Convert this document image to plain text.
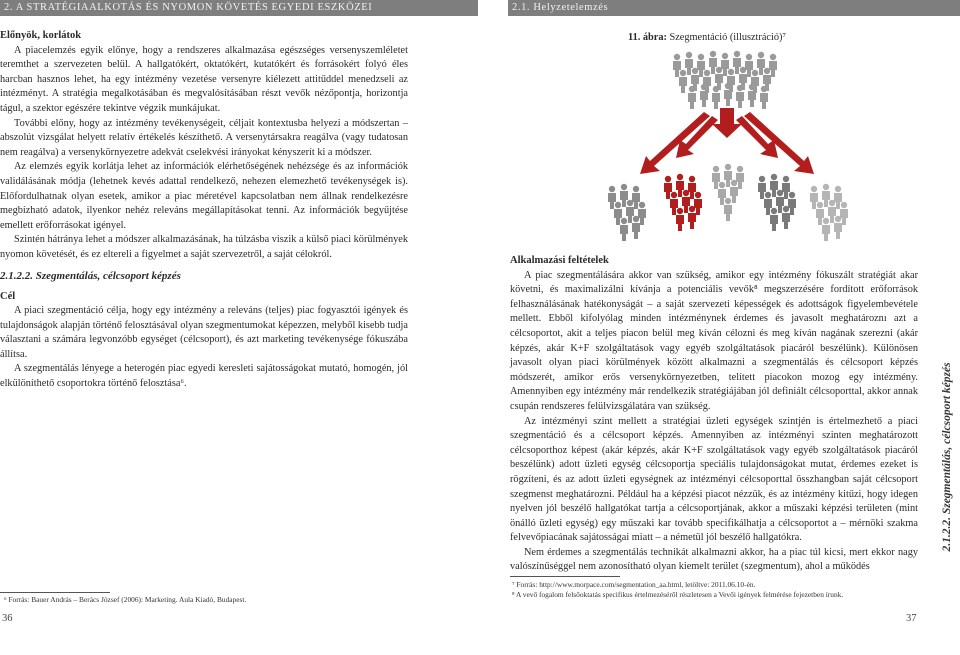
2. A STRATÉGIAALKOTÁS ÉS NYOMON KÖVETÉS EGYEDI ESZKÖZEI	2.1. Helyzetelemzés
Előnyök, korlátok

A piacelemzés egyik előnye, hogy a rendszeres alkalmazása egészséges versenyszemléletet teremthet a szervezeten belül. A hallgatókért, oktatókért, kutatókért és forrásokért folyó éles harcban hasznos lehet, ha egy intézmény vezetése versenyre kiélezett attitűddel menedzseli az intézményt. A stratégia megalkotásában és megvalósításában részt vevők nézőpontja, horizontja tágul, a szektor egészére tekintve végzik munkájukat.

További előny, hogy az intézmény tevékenységeit, céljait kontextusba helyezi a módszertan – abszolút vizsgálat helyett relatív értékelés készíthető. A versenytársakra reagálva (vagy tudatosan nem reagálva) a versenykörnyezetre adekvát cselekvési irányokat kényszerít ki a módszer.

Az elemzés egyik korlátja lehet az információk elérhetőségének nehézsége és az információk validálásának módja (lehetnek kevés adattal rendelkező, nehezen elemezhető tevékenységek is). Előfordulhatnak olyan esetek, amikor a piac méretével kapcsolatban nem állnak rendelkezésre megbízható adatok, ilyenkor nehéz releváns megállapításokat tenni. Az információk begyűjtése emellett erőforrásokat igényel.

Szintén hátránya lehet a módszer alkalmazásának, ha túlzásba viszik a külső piaci körülmények nyomon követését, és ez eltereli a figyelmet a saját szervezetről, a saját célokról.

2.1.2.2. Szegmentálás, célcsoport képzés
Cél

A piaci szegmentáció célja, hogy egy intézmény a releváns (teljes) piac fogyasztói igények és tulajdonságok alapján történő felosztásával olyan szegmentumokat képezzen, melyből kisebb tudja választani a számára legvonzóbb egységet (célcsoport), és azt marketing tevékenysége fókuszába állítsa.

A szegmentálás lényege a heterogén piac egyedi keresleti sajátosságokat mutató, homogén, jól elkülöníthető csoportokra történő felosztása⁶.

⁶ Forrás: Bauer András – Berács József (2006): Marketing. Aula Kiadó, Budapest.
36
11. ábra: Szegmentáció (illusztráció)⁷
Alkalmazási feltételek

A piac szegmentálására akkor van szükség, amikor egy intézmény fókuszált stratégiát akar követni, és maximalizálni kívánja a potenciális vevők⁸ megszerzésére fordított erőforrások felhasználásának hatékonyságát – a saját szervezeti képességek és adottságok figyelembevétele mellett. Ebből kifolyólag minden intézménynek érdemes és javasolt meghatároznı azt a célcsoportot, akit a teljes piacon belül meg kíván célozni és meg kíván nagának szerezni (akár képzés, akár K+F szolgáltatások vagy egyéb szolgáltatások piacáról beszélünk). Különösen javasolt olyan piaci körülmények között alkalmazni a szegmentálás és célcsoport képzés módszerét, amikor erős versenykörnyezetben, telített piacokon mozog egy intézmény. Amennyiben egy intézmény már rendelkezik stratégiájában jól definiált célcsoporttal, akkor annak csupán rendszeres felülvizsgálatára van szükség.

Az intézményi szint mellett a stratégiai üzleti egységek szintjén is értelmezhető a piaci szegmentáció és a célcsoport képzés. Amennyiben az intézményi szinten meghatározott célcsoporthoz képest (akár képzés, akár K+F szolgáltatások vagy egyéb szolgáltatások piacáról beszélünk) adott üzleti egység célcsoportja speciális tulajdonságokat mutat, érdemes ezeket is rögzíteni, és az adott üzleti egységnek az intézményi célcsoporttal összhangban saját célcsoport szegmenst meghatározni. Például ha a képzési piacot nézzük, és az intézmény kitűzi, hogy idegen nyelven jól beszélő hallgatókat tartja a célcsoportjának, akkor a műszaki képzési területen (mint önálló üzleti egység) egy műszaki kar tovább specifikálhatja a célcsoportot a – mérnöki szakma felvevőpiacának sajátosságai miatt – a németül jól beszélő hallgatókra.

Nem érdemes a szegmentálás technikát alkalmazni akkor, ha a piac túl kicsi, mert ekkor nagy valószínűséggel nem azonosítható olyan kiemelt terület (szegmentum), ahol a működés

⁷ Forrás: http://www.morpace.com/segmentation_aa.html, letöltve: 2011.06.10-én.
⁸ A vevő fogalom felsőoktatás specifikus értelmezéséről részletesen a Vevői igények felmérése fejezetben írunk.
37
2.1.2.2. Szegmentálás, célcsoport képzés
